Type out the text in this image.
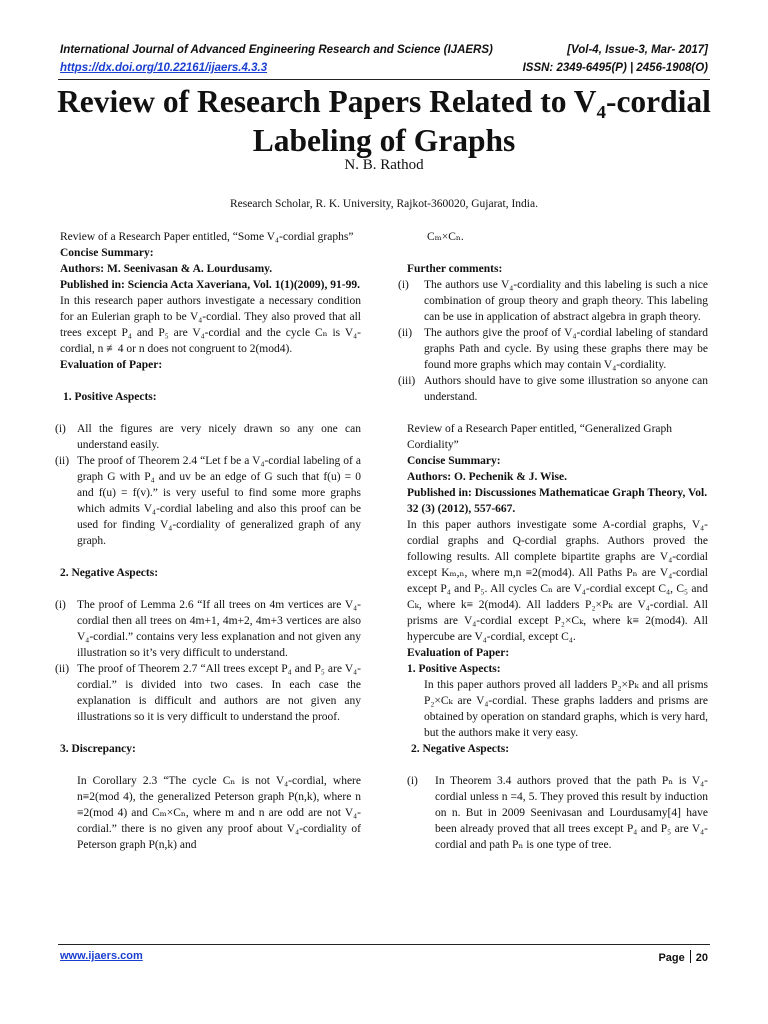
International Journal of Advanced Engineering Research and Science (IJAERS)	[Vol-4, Issue-3, Mar- 2017]
https://dx.doi.org/10.22161/ijaers.4.3.3	ISSN: 2349-6495(P) | 2456-1908(O)
Review of Research Papers Related to V₄-cordial
Labeling of Graphs
N. B. Rathod
Research Scholar, R. K. University, Rajkot-360020, Gujarat, India.

Review of a Research Paper entitled, “Some V₄-cordial graphs”

Concise Summary:

Authors: M. Seenivasan & A. Lourdusamy.

Published in: Sciencia Acta Xaveriana, Vol. 1(1)(2009), 91-99.

In this research paper authors investigate a necessary condition for an Eulerian graph to be V₄-cordial. They also proved that all trees except P₄ and P₅ are V₄-cordial and the cycle Cₙ is V₄-cordial, n ≢4 or n does not congruent to 2(mod4).

Evaluation of Paper:

1. Positive Aspects:

(i) All the figures are very nicely drawn so any one can understand easily.
(ii) The proof of Theorem 2.4 “Let f be a V₄-cordial labeling of a graph G with P₄ and uv be an edge of G such that f(u) = 0 and f(u) = f(v).” is very useful to find some more graphs which admits V₄-cordial labeling and also this proof can be used for finding V₄-cordiality of generalized graph of any graph.

2. Negative Aspects:

(i) The proof of Lemma 2.6 “If all trees on 4m vertices are V₄-cordial then all trees on 4m+1, 4m+2, 4m+3 vertices are also V₄-cordial.” contains very less explanation and not given any illustration so it’s very difficult to understand.
(ii) The proof of Theorem 2.7 “All trees except P₄ and P₅ are V₄-cordial.” is divided into two cases. In each case the explanation is difficult and authors are not given any illustrations so it is very difficult to understand the proof.

3. Discrepancy:

In Corollary 2.3 “The cycle Cₙ is not V₄-cordial, where n≡2(mod 4), the generalized Peterson graph P(n,k), where n ≡2(mod 4) and Cₘ×Cₙ, where m and n are odd are not V₄-cordial.” there is no given any proof about V₄-cordiality of Peterson graph P(n,k) and

Cₘ×Cₙ.

Further comments:

(i) The authors use V₄-cordiality and this labeling is such a nice combination of group theory and graph theory. This labeling can be use in application of abstract algebra in graph theory.
(ii) The authors give the proof of V₄-cordial labeling of standard graphs Path and cycle. By using these graphs there may be found more graphs which may contain V₄-cordiality.
(iii) Authors should have to give some illustration so anyone can understand.

Review of a Research Paper entitled, “Generalized Graph Cordiality”

Concise Summary:

Authors: O. Pechenik & J. Wise.

Published in: Discussiones Mathematicae Graph Theory, Vol. 32 (3) (2012), 557-667.

In this paper authors investigate some A-cordial graphs, V₄-cordial graphs and Q-cordial graphs. Authors proved the following results. All complete bipartite graphs are V₄-cordial except Kₘ,ₙ, where m,n ≡2(mod4). All Paths Pₙ are V₄-cordial except P₄ and P₅. All cycles Cₙ are V₄-cordial except C₄, C₅ and Cₖ, where k≡ 2(mod4). All ladders P₂×Pₖ are V₄-cordial. All prisms are V₄-cordial except P₂×Cₖ, where k≡ 2(mod4). All hypercube are V₄-cordial, except C₄.

Evaluation of Paper:

1. Positive Aspects:

In this paper authors proved all ladders P₂×Pₖ and all prisms P₂×Cₖ are V₄-cordial. These graphs ladders and prisms are obtained by operation on standard graphs, which is very hard, but the authors make it very easy.

2. Negative Aspects:

(i) In Theorem 3.4 authors proved that the path Pₙ is V₄-cordial unless n =4, 5. They proved this result by induction on n. But in 2009 Seenivasan and Lourdusamy[4] have been already proved that all trees except P₄ and P₅ are V₄-cordial and path Pₙ is one type of tree.
www.ijaers.com	Page 20
